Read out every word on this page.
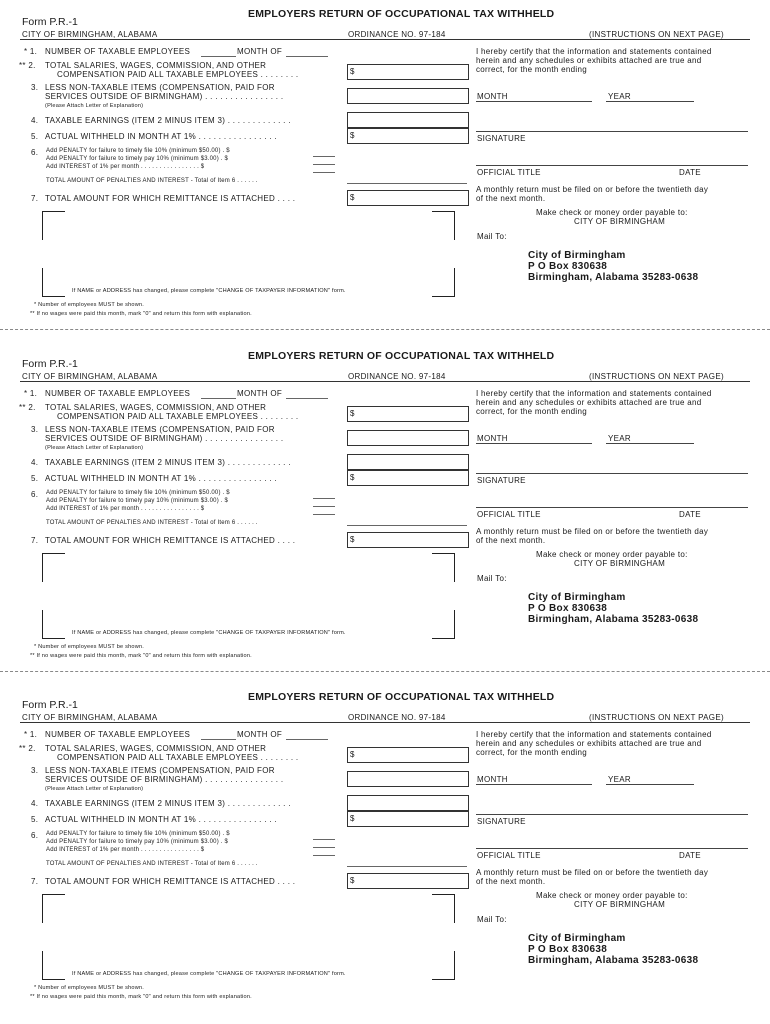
EMPLOYERS RETURN OF OCCUPATIONAL TAX WITHHELD
Form P.R.-1
CITY OF BIRMINGHAM, ALABAMA	ORDINANCE NO. 97-184	(INSTRUCTIONS ON NEXT PAGE)
* 1. NUMBER OF TAXABLE EMPLOYEES	MONTH OF
** 2. TOTAL SALARIES, WAGES, COMMISSION, AND OTHER
COMPENSATION PAID ALL TAXABLE EMPLOYEES . . . . . . . .	$
3. LESS NON-TAXABLE ITEMS (COMPENSATION, PAID FOR
SERVICES OUTSIDE OF BIRMINGHAM) . . . . . . . . . . . . . . . .
(Please Attach Letter of Explanation)
4. TAXABLE EARNINGS (ITEM 2 MINUS ITEM 3) . . . . . . . . . . . . .
5. ACTUAL WITHHELD IN MONTH AT 1% . . . . . . . . . . . . . . . .	$
6. Add PENALTY for failure to timely file 10% (minimum $50.00) . $
Add PENALTY for failure to timely pay 10% (minimum $3.00) . $
Add INTEREST of 1% per month . . . . . . . . . . . . . . . . $
TOTAL AMOUNT OF PENALTIES AND INTEREST - Total of Item 6 . . . . . .
7. TOTAL AMOUNT FOR WHICH REMITTANCE IS ATTACHED . . . .	$
If NAME or ADDRESS has changed, please complete "CHANGE OF TAXPAYER INFORMATION" form.
* Number of employees MUST be shown.
** If no wages were paid this month, mark "0" and return this form with explanation.
I hereby certify that the information and statements contained
herein and any schedules or exhibits attached are true and
correct, for the month ending
MONTH	YEAR
SIGNATURE
OFFICIAL TITLE	DATE
A monthly return must be filed on or before the twentieth day
of the next month.
Make check or money order payable to:
CITY OF BIRMINGHAM
Mail To:
City of Birmingham
P O Box 830638
Birmingham, Alabama 35283-0638
EMPLOYERS RETURN OF OCCUPATIONAL TAX WITHHELD
Form P.R.-1
CITY OF BIRMINGHAM, ALABAMA	ORDINANCE NO. 97-184	(INSTRUCTIONS ON NEXT PAGE)
* 1. NUMBER OF TAXABLE EMPLOYEES	MONTH OF
** 2. TOTAL SALARIES, WAGES, COMMISSION, AND OTHER
COMPENSATION PAID ALL TAXABLE EMPLOYEES . . . . . . . .	$
3. LESS NON-TAXABLE ITEMS (COMPENSATION, PAID FOR
SERVICES OUTSIDE OF BIRMINGHAM) . . . . . . . . . . . . . . . .
(Please Attach Letter of Explanation)
4. TAXABLE EARNINGS (ITEM 2 MINUS ITEM 3) . . . . . . . . . . . . .
5. ACTUAL WITHHELD IN MONTH AT 1% . . . . . . . . . . . . . . . .	$
6. Add PENALTY for failure to timely file 10% (minimum $50.00) . $
Add PENALTY for failure to timely pay 10% (minimum $3.00) . $
Add INTEREST of 1% per month . . . . . . . . . . . . . . . . $
TOTAL AMOUNT OF PENALTIES AND INTEREST - Total of Item 6 . . . . . .
7. TOTAL AMOUNT FOR WHICH REMITTANCE IS ATTACHED . . . .	$
If NAME or ADDRESS has changed, please complete "CHANGE OF TAXPAYER INFORMATION" form.
* Number of employees MUST be shown.
** If no wages were paid this month, mark "0" and return this form with explanation.
I hereby certify that the information and statements contained
herein and any schedules or exhibits attached are true and
correct, for the month ending
MONTH	YEAR
SIGNATURE
OFFICIAL TITLE	DATE
A monthly return must be filed on or before the twentieth day
of the next month.
Make check or money order payable to:
CITY OF BIRMINGHAM
Mail To:
City of Birmingham
P O Box 830638
Birmingham, Alabama 35283-0638
EMPLOYERS RETURN OF OCCUPATIONAL TAX WITHHELD
Form P.R.-1
CITY OF BIRMINGHAM, ALABAMA	ORDINANCE NO. 97-184	(INSTRUCTIONS ON NEXT PAGE)
* 1. NUMBER OF TAXABLE EMPLOYEES	MONTH OF
** 2. TOTAL SALARIES, WAGES, COMMISSION, AND OTHER
COMPENSATION PAID ALL TAXABLE EMPLOYEES . . . . . . . .	$
3. LESS NON-TAXABLE ITEMS (COMPENSATION, PAID FOR
SERVICES OUTSIDE OF BIRMINGHAM) . . . . . . . . . . . . . . . .
(Please Attach Letter of Explanation)
4. TAXABLE EARNINGS (ITEM 2 MINUS ITEM 3) . . . . . . . . . . . . .
5. ACTUAL WITHHELD IN MONTH AT 1% . . . . . . . . . . . . . . . .	$
6. Add PENALTY for failure to timely file 10% (minimum $50.00) . $
Add PENALTY for failure to timely pay 10% (minimum $3.00) . $
Add INTEREST of 1% per month . . . . . . . . . . . . . . . . $
TOTAL AMOUNT OF PENALTIES AND INTEREST - Total of Item 6 . . . . . .
7. TOTAL AMOUNT FOR WHICH REMITTANCE IS ATTACHED . . . .	$
If NAME or ADDRESS has changed, please complete "CHANGE OF TAXPAYER INFORMATION" form.
* Number of employees MUST be shown.
** If no wages were paid this month, mark "0" and return this form with explanation.
I hereby certify that the information and statements contained
herein and any schedules or exhibits attached are true and
correct, for the month ending
MONTH	YEAR
SIGNATURE
OFFICIAL TITLE	DATE
A monthly return must be filed on or before the twentieth day
of the next month.
Make check or money order payable to:
CITY OF BIRMINGHAM
Mail To:
City of Birmingham
P O Box 830638
Birmingham, Alabama 35283-0638
